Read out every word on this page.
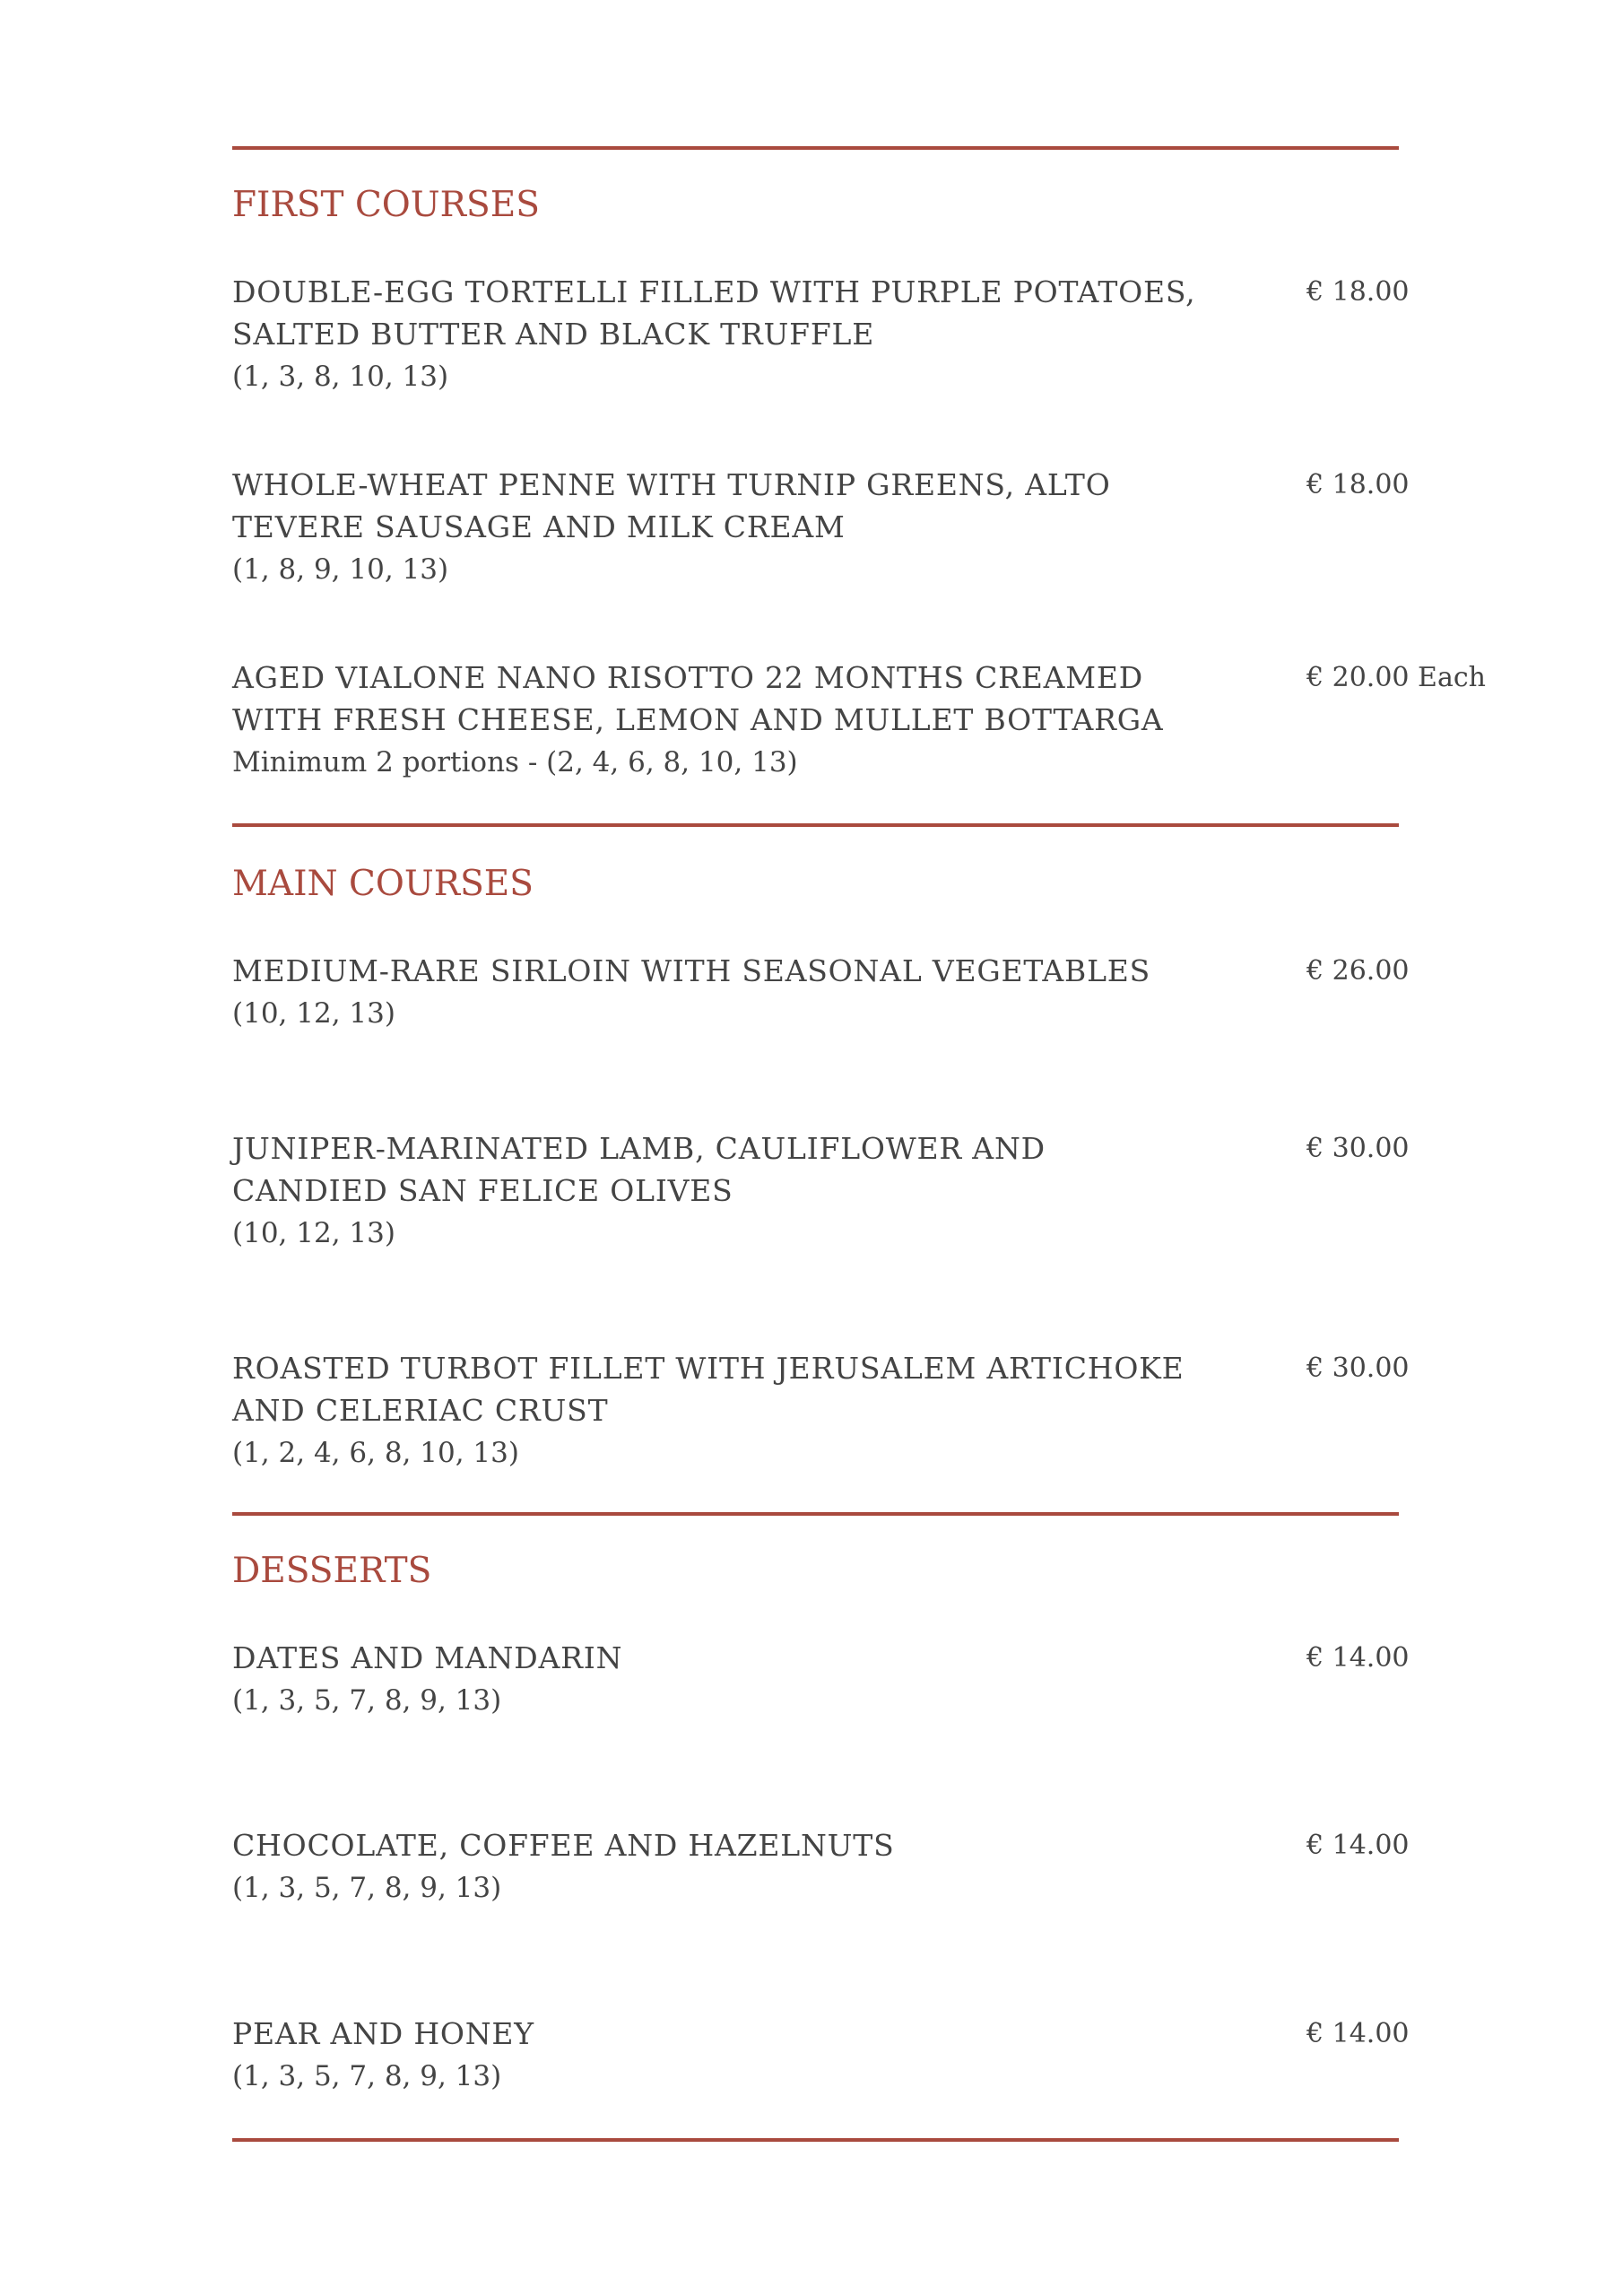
FIRST COURSES
DOUBLE-EGG TORTELLI FILLED WITH PURPLE POTATOES, SALTED BUTTER AND BLACK TRUFFLE
(1, 3, 8, 10, 13)
€ 18.00
WHOLE-WHEAT PENNE WITH TURNIP GREENS, ALTO TEVERE SAUSAGE AND MILK CREAM
(1, 8, 9, 10, 13)
€ 18.00
AGED VIALONE NANO RISOTTO 22 MONTHS CREAMED WITH FRESH CHEESE, LEMON AND MULLET BOTTARGA
Minimum 2 portions - (2, 4, 6, 8, 10, 13)
€ 20.00 Each
MAIN COURSES
MEDIUM-RARE SIRLOIN WITH SEASONAL VEGETABLES
(10, 12, 13)
€ 26.00
JUNIPER-MARINATED LAMB, CAULIFLOWER AND CANDIED SAN FELICE OLIVES
(10, 12, 13)
€ 30.00
ROASTED TURBOT FILLET WITH JERUSALEM ARTICHOKE AND CELERIAC CRUST
(1, 2, 4, 6, 8, 10, 13)
€ 30.00
DESSERTS
DATES AND MANDARIN
(1, 3, 5, 7, 8, 9, 13)
€ 14.00
CHOCOLATE, COFFEE AND HAZELNUTS
(1, 3, 5, 7, 8, 9, 13)
€ 14.00
PEAR AND HONEY
(1, 3, 5, 7, 8, 9, 13)
€ 14.00
